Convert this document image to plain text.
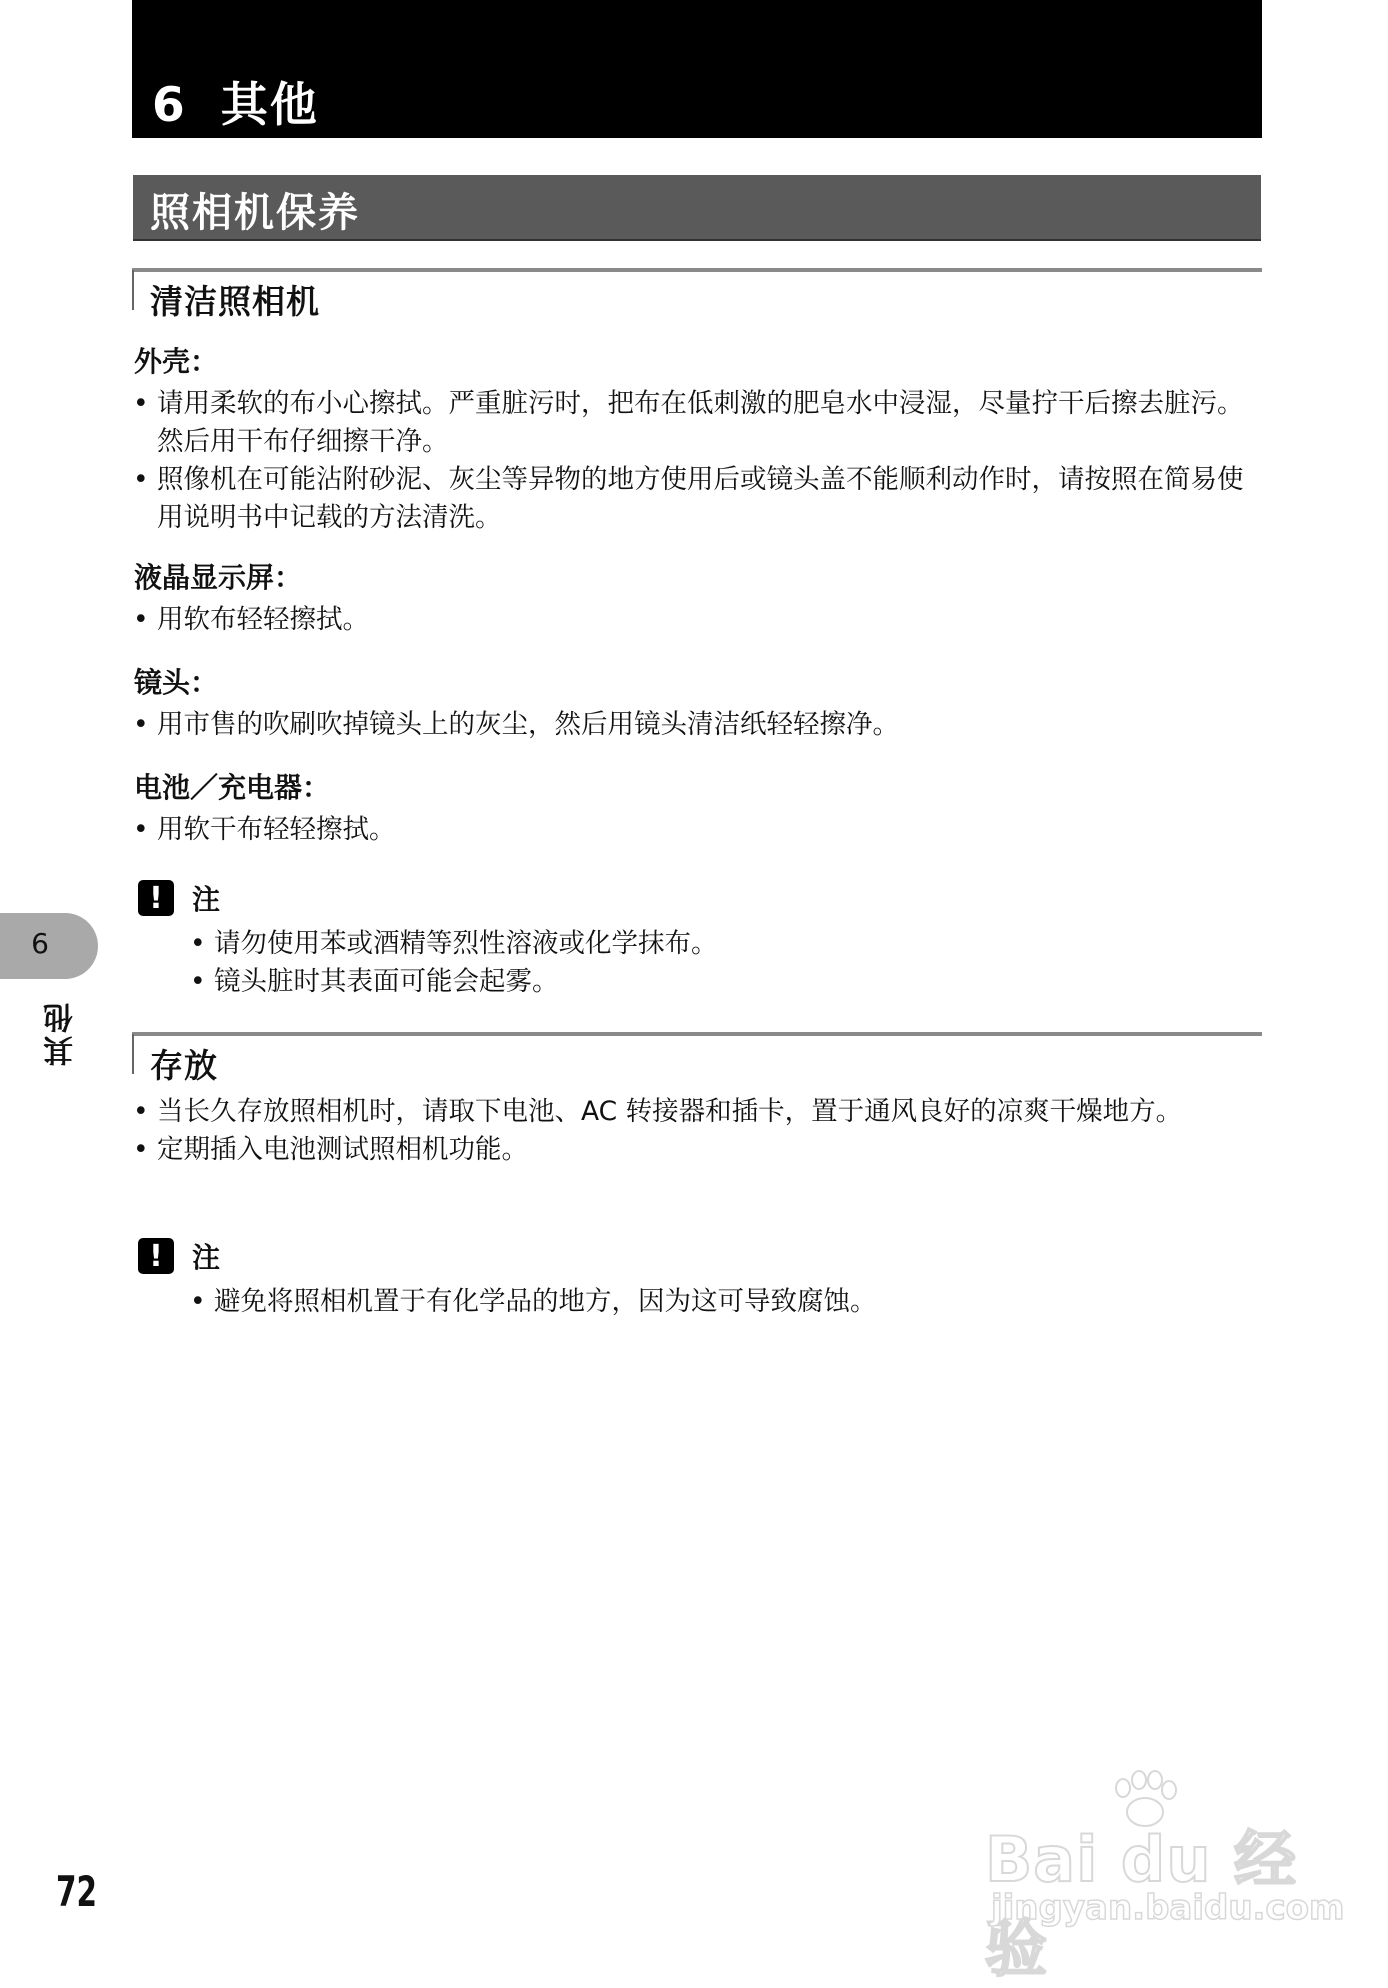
6 其他
照相机保养
清洁照相机
外壳：
• 请用柔软的布小心擦拭。严重脏污时，把布在低刺激的肥皂水中浸湿，尽量拧干后擦去脏污。然后用干布仔细擦干净。
• 照像机在可能沾附砂泥、灰尘等异物的地方使用后或镜头盖不能顺利动作时，请按照在简易使用说明书中记载的方法清洗。
液晶显示屏：
• 用软布轻轻擦拭。
镜头：
• 用市售的吹刷吹掉镜头上的灰尘，然后用镜头清洁纸轻轻擦净。
电池／充电器：
• 用软干布轻轻擦拭。
!	注
• 请勿使用苯或酒精等烈性溶液或化学抹布。
• 镜头脏时其表面可能会起雾。
存放
• 当长久存放照相机时，请取下电池、AC 转接器和插卡，置于通风良好的凉爽干燥地方。
• 定期插入电池测试照相机功能。
!	注
• 避免将照相机置于有化学品的地方，因为这可导致腐蚀。
6
其他
72	Bai du 经验
jingyan.baidu.com
